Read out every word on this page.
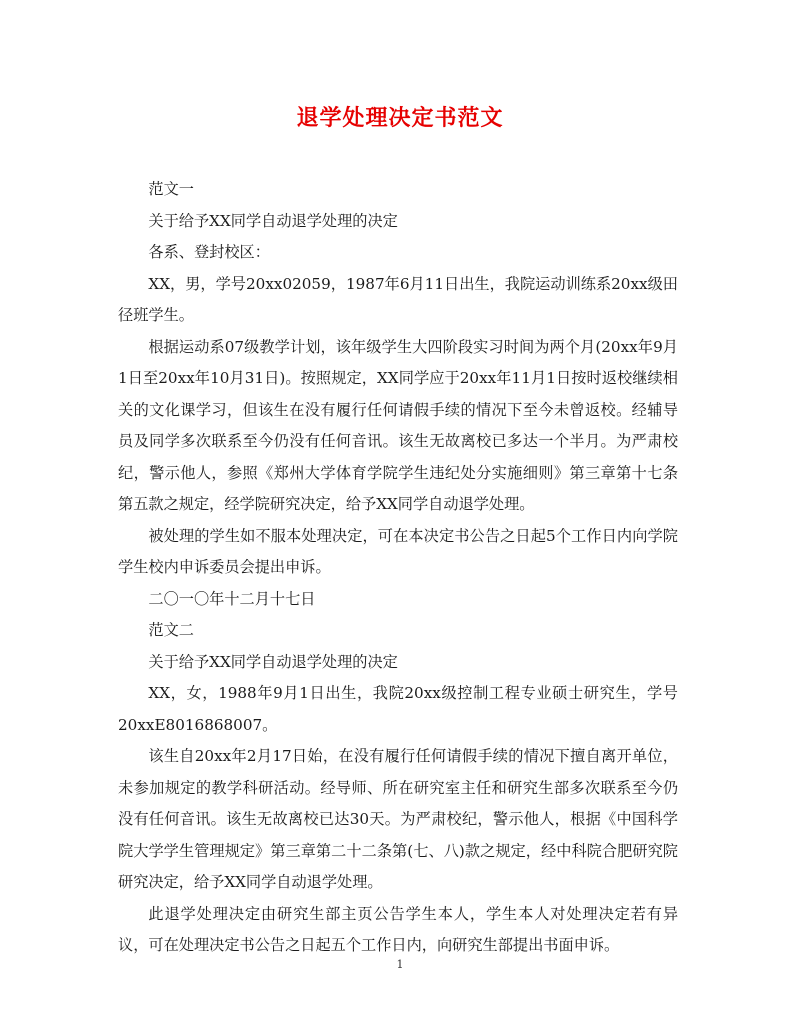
退学处理决定书范文

范文一

关于给予XX同学自动退学处理的决定

各系、登封校区：

XX，男，学号20xx02059，1987年6月11日出生，我院运动训练系20xx级田径班学生。

根据运动系07级教学计划，该年级学生大四阶段实习时间为两个月(20xx年9月1日至20xx年10月31日)。按照规定，XX同学应于20xx年11月1日按时返校继续相关的文化课学习，但该生在没有履行任何请假手续的情况下至今未曾返校。经辅导员及同学多次联系至今仍没有任何音讯。该生无故离校已多达一个半月。为严肃校纪，警示他人，参照《郑州大学体育学院学生违纪处分实施细则》第三章第十七条第五款之规定，经学院研究决定，给予XX同学自动退学处理。

被处理的学生如不服本处理决定，可在本决定书公告之日起5个工作日内向学院学生校内申诉委员会提出申诉。

二〇一〇年十二月十七日

范文二

关于给予XX同学自动退学处理的决定

XX，女，1988年9月1日出生，我院20xx级控制工程专业硕士研究生，学号20xxE8016868007。

该生自20xx年2月17日始，在没有履行任何请假手续的情况下擅自离开单位，未参加规定的教学科研活动。经导师、所在研究室主任和研究生部多次联系至今仍没有任何音讯。该生无故离校已达30天。为严肃校纪，警示他人，根据《中国科学院大学学生管理规定》第三章第二十二条第(七、八)款之规定，经中科院合肥研究院研究决定，给予XX同学自动退学处理。

此退学处理决定由研究生部主页公告学生本人，学生本人对处理决定若有异议，可在处理决定书公告之日起五个工作日内，向研究生部提出书面申诉。

1
